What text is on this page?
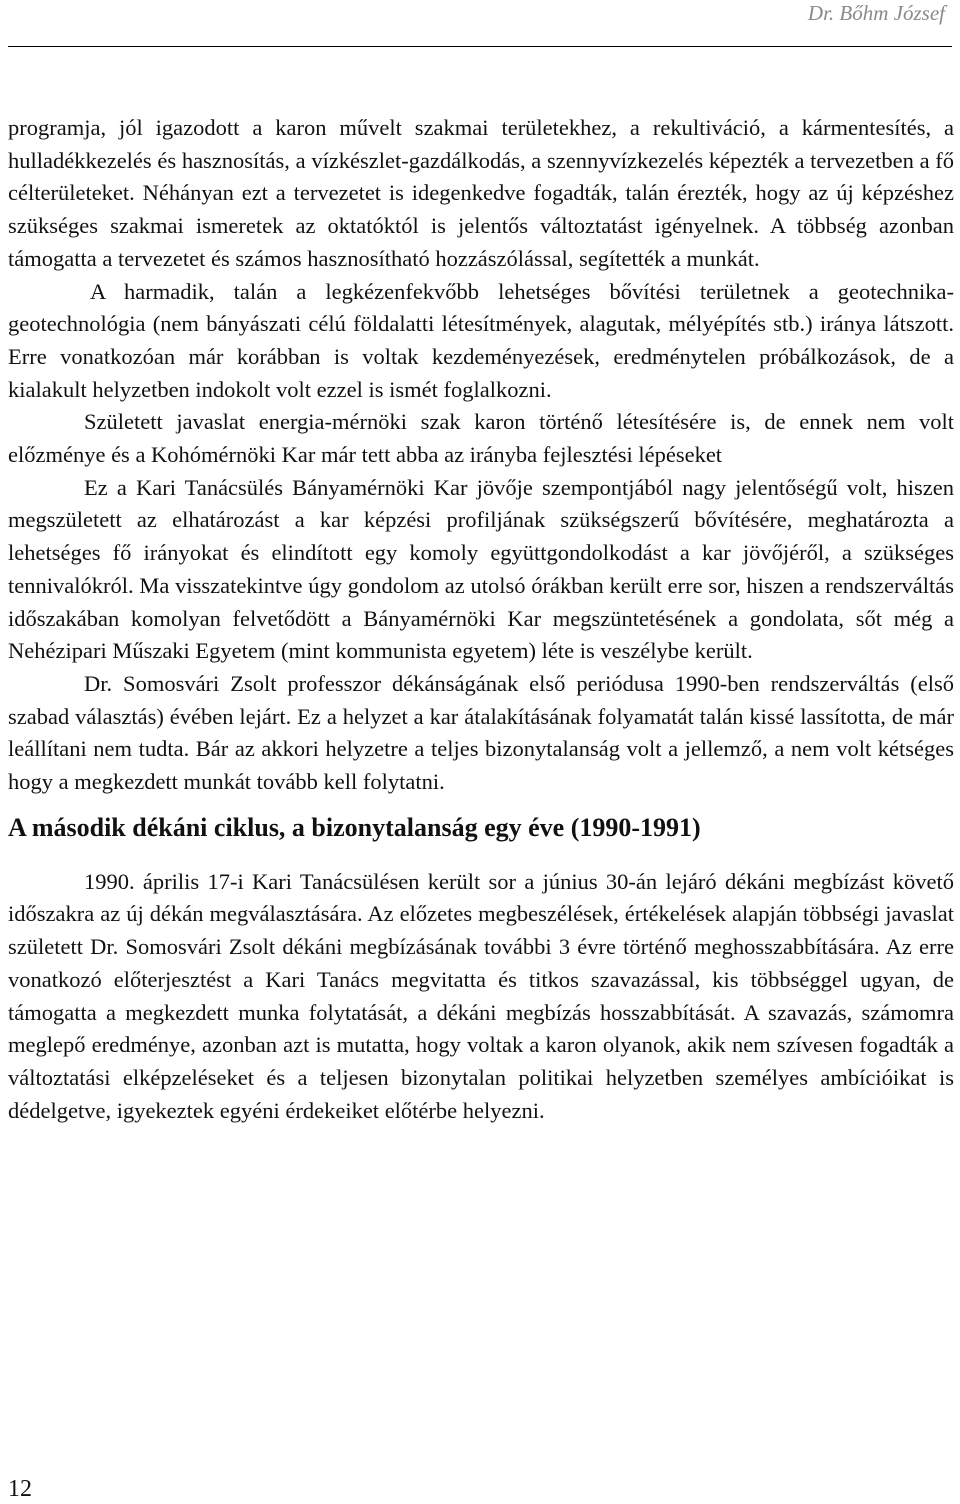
Dr. Bőhm József

programja, jól igazodott a karon művelt szakmai területekhez, a rekultiváció, a kármentesítés, a hulladékkezelés és hasznosítás, a vízkészlet-gazdálkodás, a szennyvízkezelés képezték a tervezetben a fő célterületeket. Néhányan ezt a tervezetet is idegenkedve fogadták, talán érezték, hogy az új képzéshez szükséges szakmai ismeretek az oktatóktól is jelentős változtatást igényelnek. A többség azonban támogatta a tervezetet és számos hasznosítható hozzászólással, segítették a munkát.

A harmadik, talán a legkézenfekvőbb lehetséges bővítési területnek a geotechnika-geotechnológia (nem bányászati célú földalatti létesítmények, alagutak, mélyépítés stb.) iránya látszott. Erre vonatkozóan már korábban is voltak kezdeményezések, eredménytelen próbálkozások, de a kialakult helyzetben indokolt volt ezzel is ismét foglalkozni.

Született javaslat energia-mérnöki szak karon történő létesítésére is, de ennek nem volt előzménye és a Kohómérnöki Kar már tett abba az irányba fejlesztési lépéseket

Ez a Kari Tanácsülés Bányamérnöki Kar jövője szempontjából nagy jelentőségű volt, hiszen megszületett az elhatározást a kar képzési profiljának szükségszerű bővítésére, meghatározta a lehetséges fő irányokat és elindított egy komoly együttgondolkodást a kar jövőjéről, a szükséges tennivalókról. Ma visszatekintve úgy gondolom az utolsó órákban került erre sor, hiszen a rendszerváltás időszakában komolyan felvetődött a Bányamérnöki Kar megszüntetésének a gondolata, sőt még a Nehézipari Műszaki Egyetem (mint kommunista egyetem) léte is veszélybe került.

Dr. Somosvári Zsolt professzor dékánságának első periódusa 1990-ben rendszerváltás (első szabad választás) évében lejárt. Ez a helyzet a kar átalakításának folyamatát talán kissé lassította, de már leállítani nem tudta. Bár az akkori helyzetre a teljes bizonytalanság volt a jellemző, a nem volt kétséges hogy a megkezdett munkát tovább kell folytatni.

A második dékáni ciklus, a bizonytalanság egy éve (1990-1991)

1990. április 17-i Kari Tanácsülésen került sor a június 30-án lejáró dékáni megbízást követő időszakra az új dékán megválasztására. Az előzetes megbeszélések, értékelések alapján többségi javaslat született Dr. Somosvári Zsolt dékáni megbízásának további 3 évre történő meghosszabbítására. Az erre vonatkozó előterjesztést a Kari Tanács megvitatta és titkos szavazással, kis többséggel ugyan, de támogatta a megkezdett munka folytatását, a dékáni megbízás hosszabbítását. A szavazás, számomra meglepő eredménye, azonban azt is mutatta, hogy voltak a karon olyanok, akik nem szívesen fogadták a változtatási elképzeléseket és a teljesen bizonytalan politikai helyzetben személyes ambícióikat is dédelgetve, igyekeztek egyéni érdekeiket előtérbe helyezni.

12
